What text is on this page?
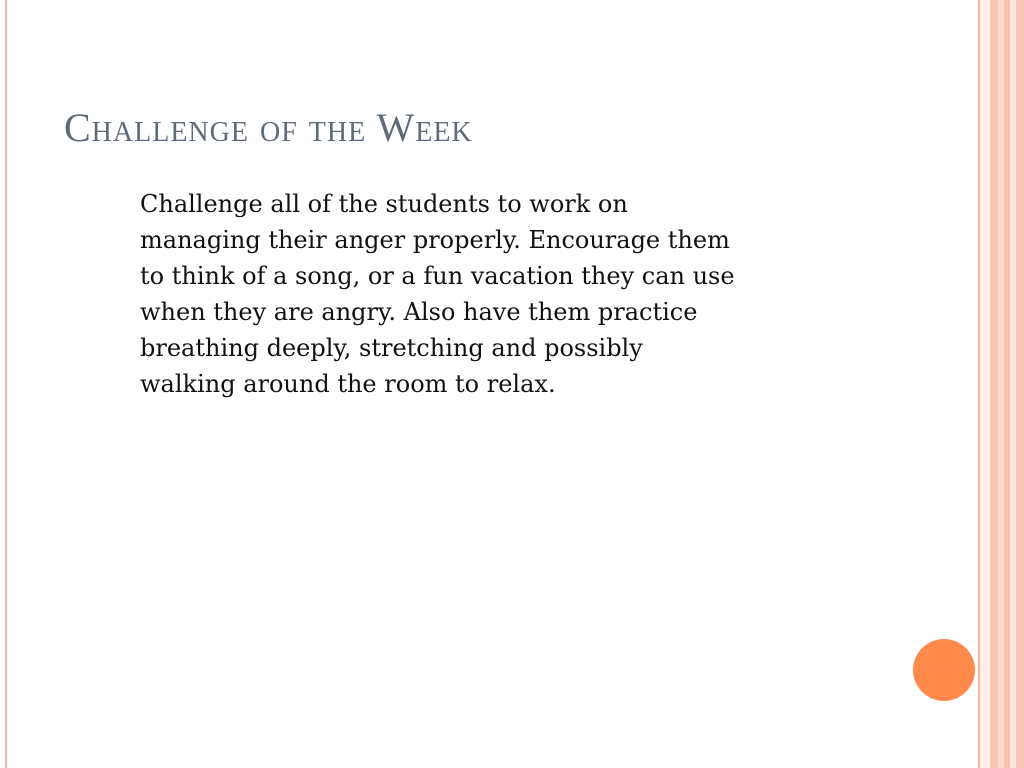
Challenge of the Week

Challenge all of the students to work on
managing their anger properly. Encourage them
to think of a song, or a fun vacation they can use
when they are angry. Also have them practice
breathing deeply, stretching and possibly
walking around the room to relax.
